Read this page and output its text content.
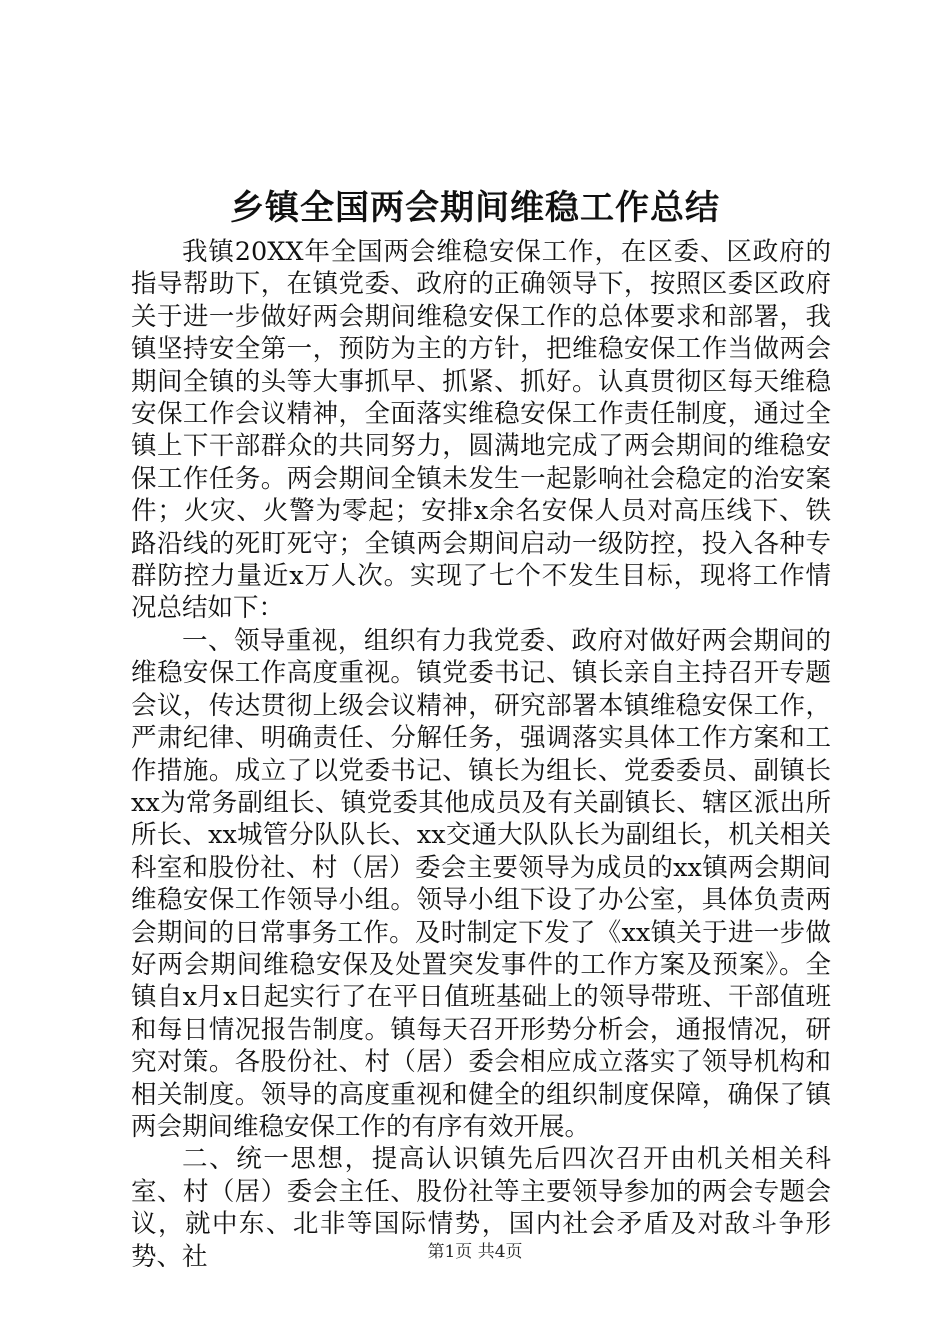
乡镇全国两会期间维稳工作总结

我镇20XX年全国两会维稳安保工作，在区委、区政府的指导帮助下，在镇党委、政府的正确领导下，按照区委区政府关于进一步做好两会期间维稳安保工作的总体要求和部署，我镇坚持安全第一，预防为主的方针，把维稳安保工作当做两会期间全镇的头等大事抓早、抓紧、抓好。认真贯彻区每天维稳安保工作会议精神，全面落实维稳安保工作责任制度，通过全镇上下干部群众的共同努力，圆满地完成了两会期间的维稳安保工作任务。两会期间全镇未发生一起影响社会稳定的治安案件；火灾、火警为零起；安排x余名安保人员对高压线下、铁路沿线的死盯死守；全镇两会期间启动一级防控，投入各种专群防控力量近x万人次。实现了七个不发生目标，现将工作情况总结如下：

一、领导重视，组织有力我党委、政府对做好两会期间的维稳安保工作高度重视。镇党委书记、镇长亲自主持召开专题会议，传达贯彻上级会议精神，研究部署本镇维稳安保工作，严肃纪律、明确责任、分解任务，强调落实具体工作方案和工作措施。成立了以党委书记、镇长为组长、党委委员、副镇长xx为常务副组长、镇党委其他成员及有关副镇长、辖区派出所所长、xx城管分队队长、xx交通大队队长为副组长，机关相关科室和股份社、村（居）委会主要领导为成员的xx镇两会期间维稳安保工作领导小组。领导小组下设了办公室，具体负责两会期间的日常事务工作。及时制定下发了《xx镇关于进一步做好两会期间维稳安保及处置突发事件的工作方案及预案》。全镇自x月x日起实行了在平日值班基础上的领导带班、干部值班和每日情况报告制度。镇每天召开形势分析会，通报情况，研究对策。各股份社、村（居）委会相应成立落实了领导机构和相关制度。领导的高度重视和健全的组织制度保障，确保了镇两会期间维稳安保工作的有序有效开展。

二、统一思想，提高认识镇先后四次召开由机关相关科室、村（居）委会主任、股份社等主要领导参加的两会专题会议，就中东、北非等国际情势，国内社会矛盾及对敌斗争形势、社	第1页 共4页
